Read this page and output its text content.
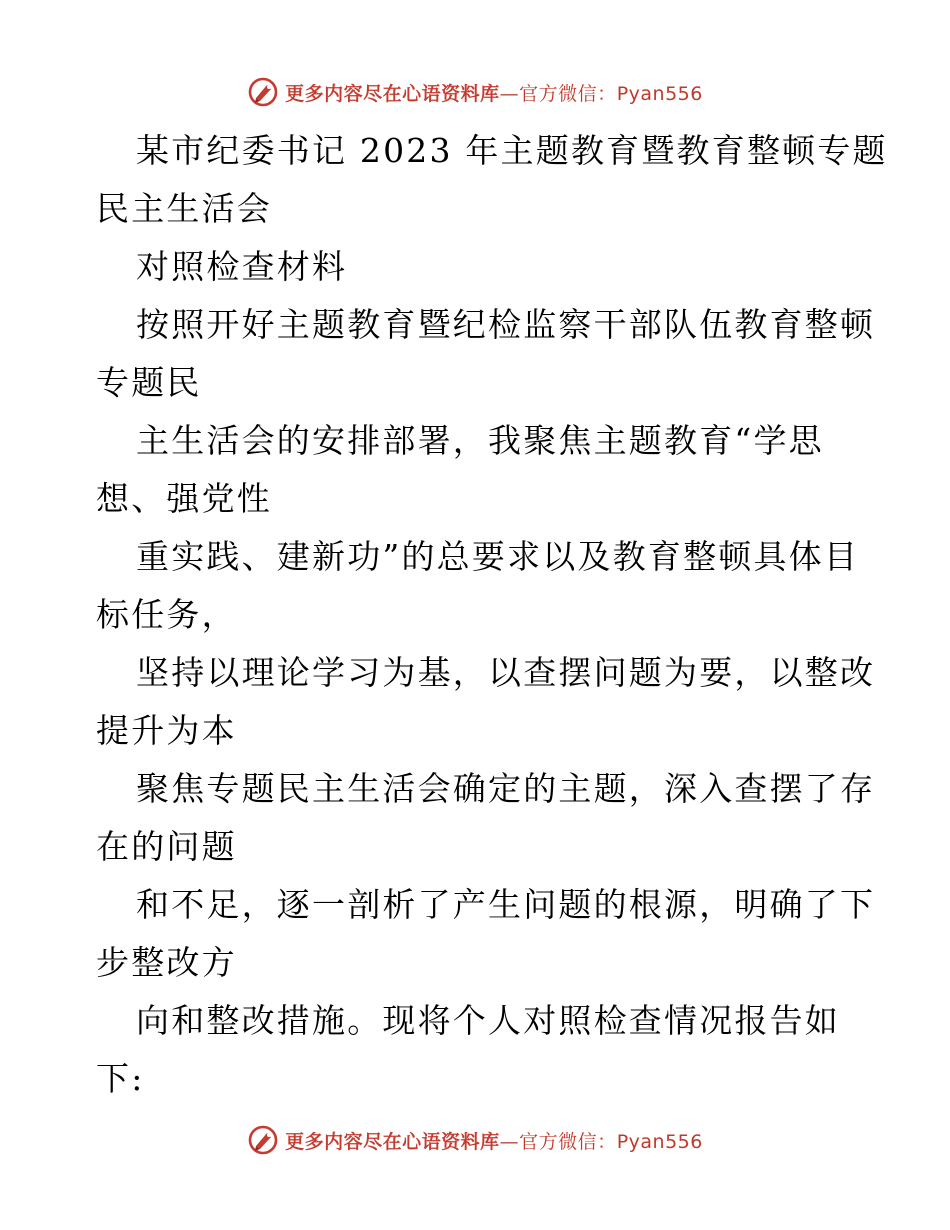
更多内容尽在心语资料库—官方微信：Pyan556
某市纪委书记 2023 年主题教育暨教育整顿专题
民主生活会
对照检查材料
按照开好主题教育暨纪检监察干部队伍教育整顿
专题民
主生活会的安排部署，我聚焦主题教育“学思
想、强党性
重实践、建新功”的总要求以及教育整顿具体目
标任务，
坚持以理论学习为基，以查摆问题为要，以整改
提升为本
聚焦专题民主生活会确定的主题，深入查摆了存
在的问题
和不足，逐一剖析了产生问题的根源，明确了下
步整改方
向和整改措施。现将个人对照检查情况报告如
下:
更多内容尽在心语资料库—官方微信：Pyan556
